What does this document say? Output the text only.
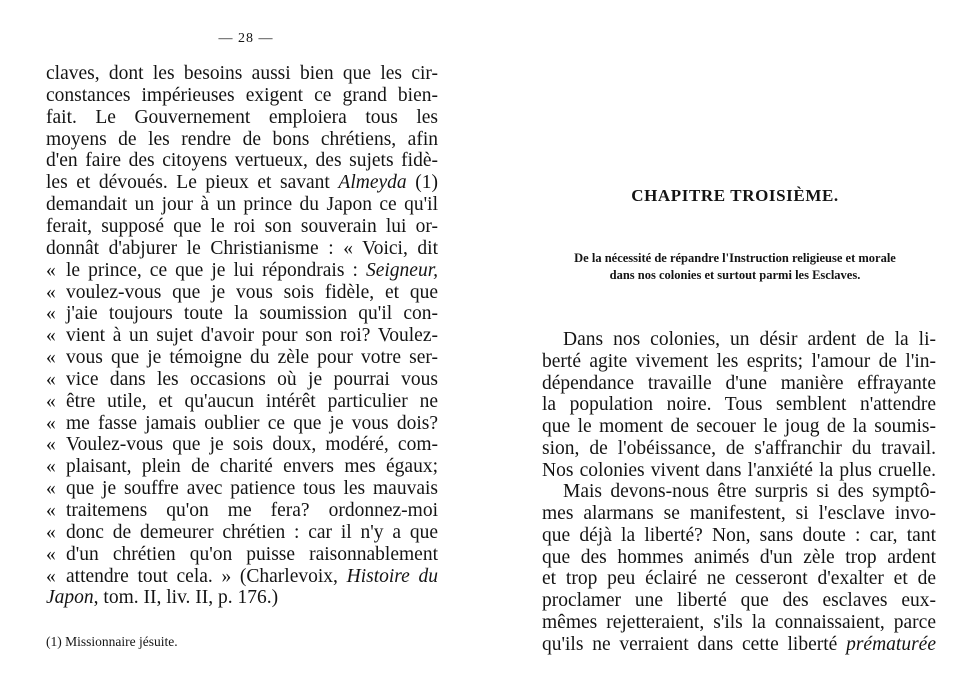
— 28 —
claves, dont les besoins aussi bien que les cir-
constances impérieuses exigent ce grand bien-
fait. Le Gouvernement emploiera tous les
moyens de les rendre de bons chrétiens, afin
d'en faire des citoyens vertueux, des sujets fidè-
les et dévoués. Le pieux et savant Almeyda (1)
demandait un jour à un prince du Japon ce qu'il
ferait, supposé que le roi son souverain lui or-
donnât d'abjurer le Christianisme : « Voici, dit
« le prince, ce que je lui répondrais : Seigneur,
« voulez-vous que je vous sois fidèle, et que
« j'aie toujours toute la soumission qu'il con-
« vient à un sujet d'avoir pour son roi? Voulez-
« vous que je témoigne du zèle pour votre ser-
« vice dans les occasions où je pourrai vous
« être utile, et qu'aucun intérêt particulier ne
« me fasse jamais oublier ce que je vous dois?
« Voulez-vous que je sois doux, modéré, com-
« plaisant, plein de charité envers mes égaux;
« que je souffre avec patience tous les mauvais
« traitemens qu'on me fera? ordonnez-moi
« donc de demeurer chrétien : car il n'y a que
« d'un chrétien qu'on puisse raisonnablement
« attendre tout cela. » (Charlevoix, Histoire du
Japon, tom. II, liv. II, p. 176.)
(1) Missionnaire jésuite.
CHAPITRE TROISIÈME.
De la nécessité de répandre l'Instruction religieuse et morale
dans nos colonies et surtout parmi les Esclaves.
Dans nos colonies, un désir ardent de la li-
berté agite vivement les esprits; l'amour de l'in-
dépendance travaille d'une manière effrayante
la population noire. Tous semblent n'attendre
que le moment de secouer le joug de la soumis-
sion, de l'obéissance, de s'affranchir du travail.
Nos colonies vivent dans l'anxiété la plus cruelle.
Mais devons-nous être surpris si des symptô-
mes alarmans se manifestent, si l'esclave invo-
que déjà la liberté? Non, sans doute : car, tant
que des hommes animés d'un zèle trop ardent
et trop peu éclairé ne cesseront d'exalter et de
proclamer une liberté que des esclaves eux-
mêmes rejetteraient, s'ils la connaissaient, parce
qu'ils ne verraient dans cette liberté prématurée
